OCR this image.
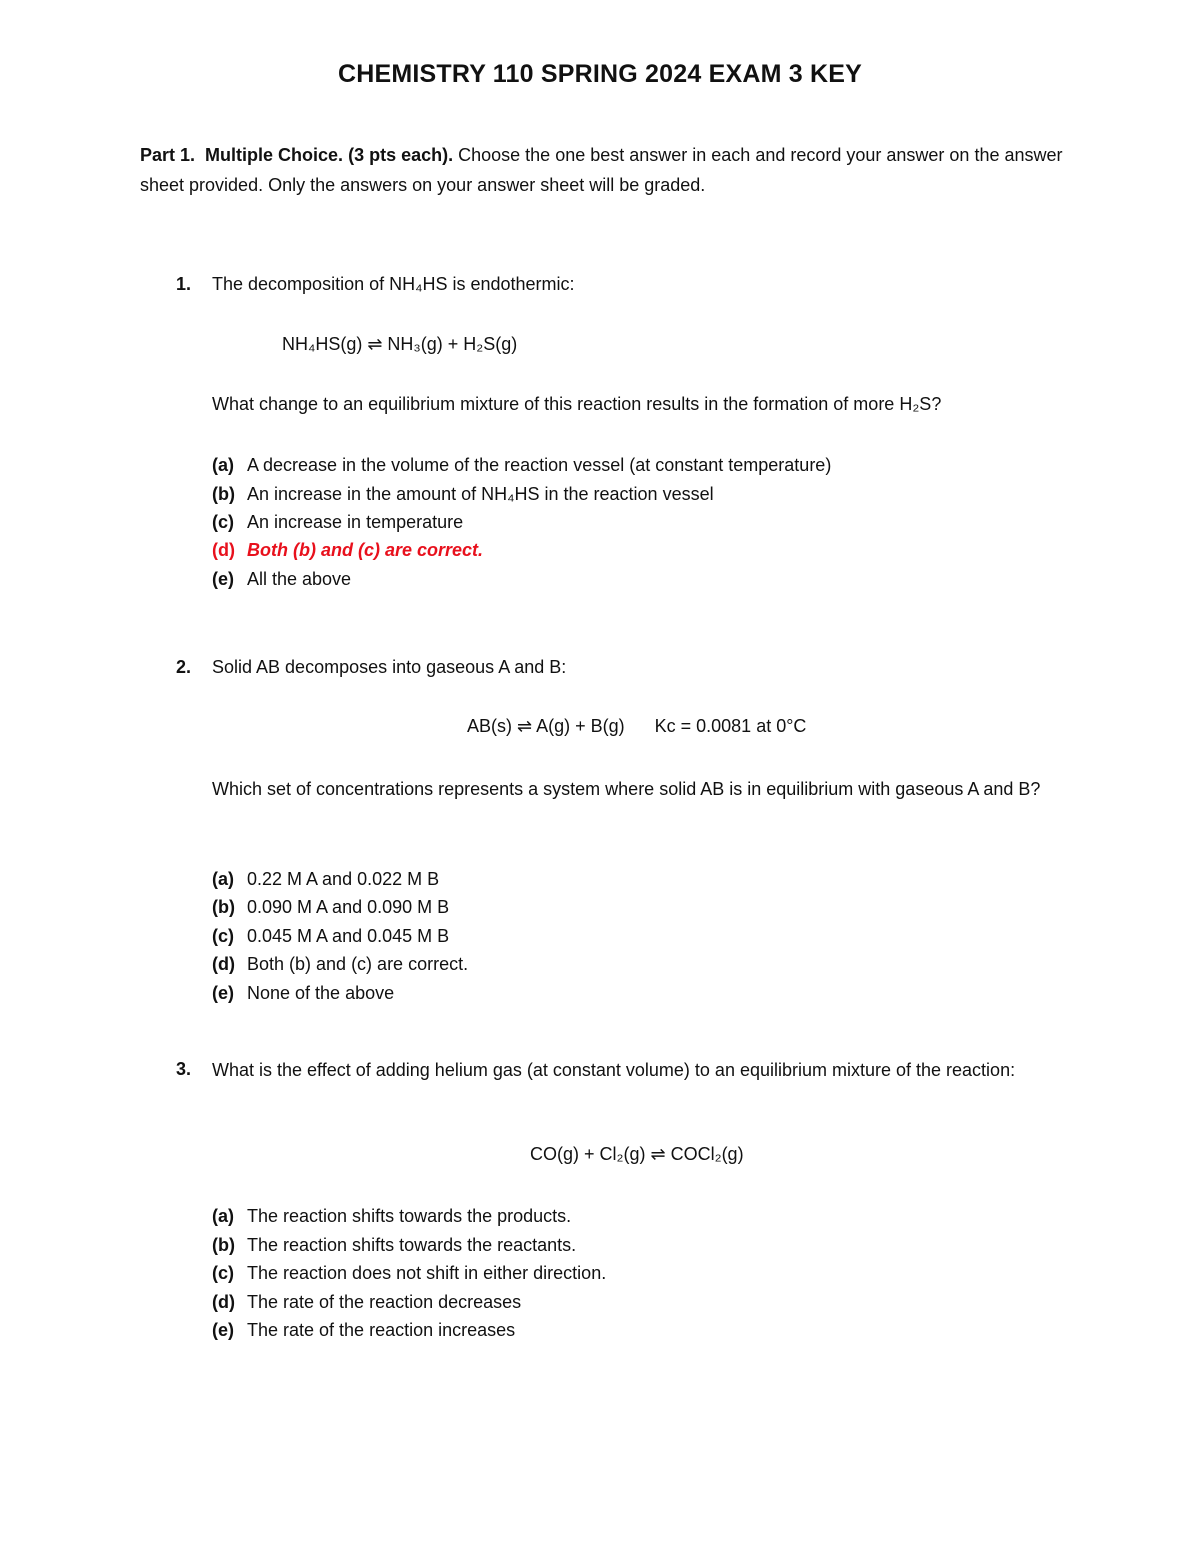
CHEMISTRY 110 SPRING 2024 EXAM 3 KEY
Part 1. Multiple Choice. (3 pts each). Choose the one best answer in each and record your answer on the answer sheet provided. Only the answers on your answer sheet will be graded.
1. The decomposition of NH₄HS is endothermic:
NH₄HS(g) ⇌ NH₃(g) + H₂S(g)
What change to an equilibrium mixture of this reaction results in the formation of more H₂S?
(a) A decrease in the volume of the reaction vessel (at constant temperature)
(b) An increase in the amount of NH₄HS in the reaction vessel
(c) An increase in temperature
(d) Both (b) and (c) are correct.
(e) All the above
2. Solid AB decomposes into gaseous A and B:
AB(s) ⇌ A(g) + B(g)      Kc = 0.0081 at 0°C
Which set of concentrations represents a system where solid AB is in equilibrium with gaseous A and B?
(a) 0.22 M A and 0.022 M B
(b) 0.090 M A and 0.090 M B
(c) 0.045 M A and 0.045 M B
(d) Both (b) and (c) are correct.
(e) None of the above
3. What is the effect of adding helium gas (at constant volume) to an equilibrium mixture of the reaction:
CO(g) + Cl₂(g) ⇌ COCl₂(g)
(a) The reaction shifts towards the products.
(b) The reaction shifts towards the reactants.
(c) The reaction does not shift in either direction.
(d) The rate of the reaction decreases
(e) The rate of the reaction increases
